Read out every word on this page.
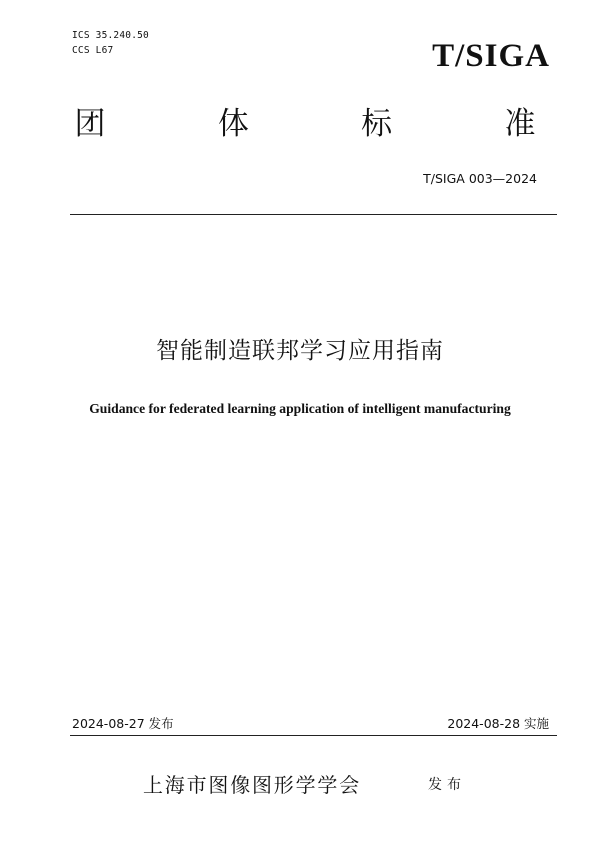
ICS 35.240.50
CCS L67	T/SIGA
团	体	标	准
T/SIGA 003—2024
智能制造联邦学习应用指南
Guidance for federated learning application of intelligent manufacturing
2024-08-27 发布	2024-08-28 实施
上海市图像图形学学会	发布
